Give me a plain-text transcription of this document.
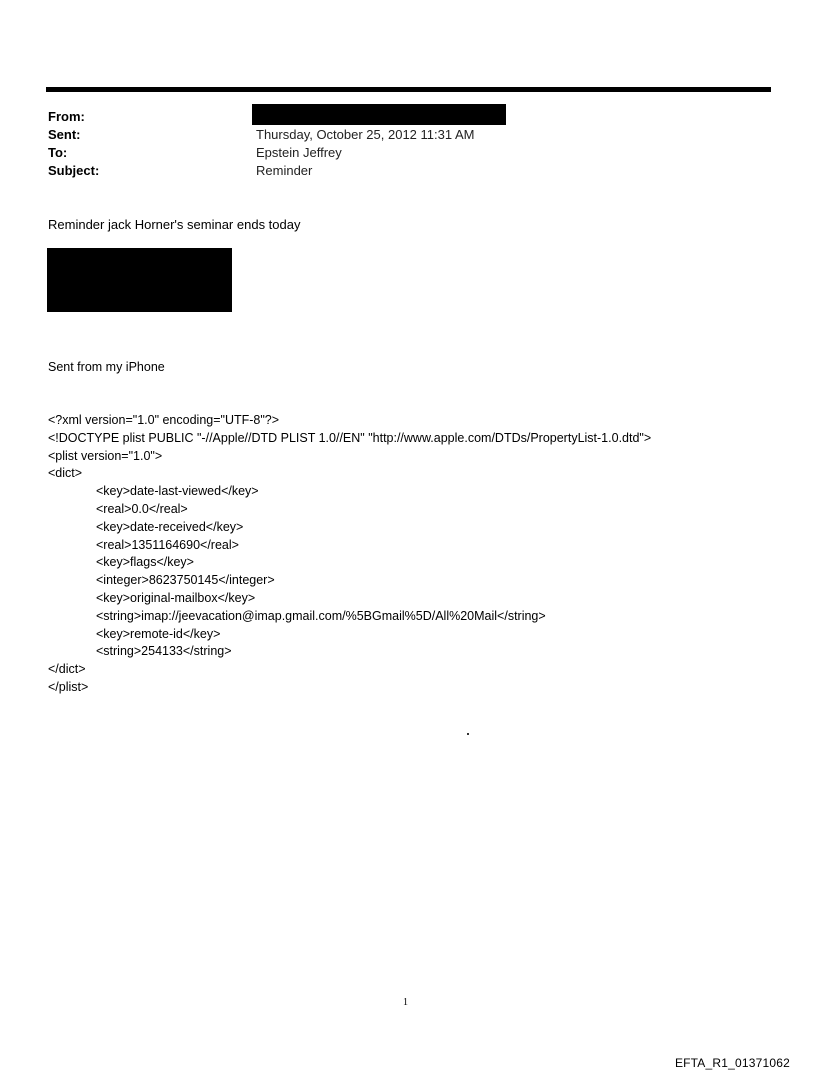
From:
Sent:	Thursday, October 25, 2012 11:31 AM
To:	Epstein Jeffrey
Subject:	Reminder
Reminder jack Horner's seminar ends today

Sent from my iPhone

<?xml version="1.0" encoding="UTF-8"?>
<!DOCTYPE plist PUBLIC "-//Apple//DTD PLIST 1.0//EN" "http://www.apple.com/DTDs/PropertyList-1.0.dtd">
<plist version="1.0">
<dict>
<key>date-last-viewed</key>
<real>0.0</real>
<key>date-received</key>
<real>1351164690</real>
<key>flags</key>
<integer>8623750145</integer>
<key>original-mailbox</key>
<string>imap://jeevacation@imap.gmail.com/%5BGmail%5D/All%20Mail</string>
<key>remote-id</key>
<string>254133</string>
</dict>
</plist>

1
EFTA_R1_01371062
